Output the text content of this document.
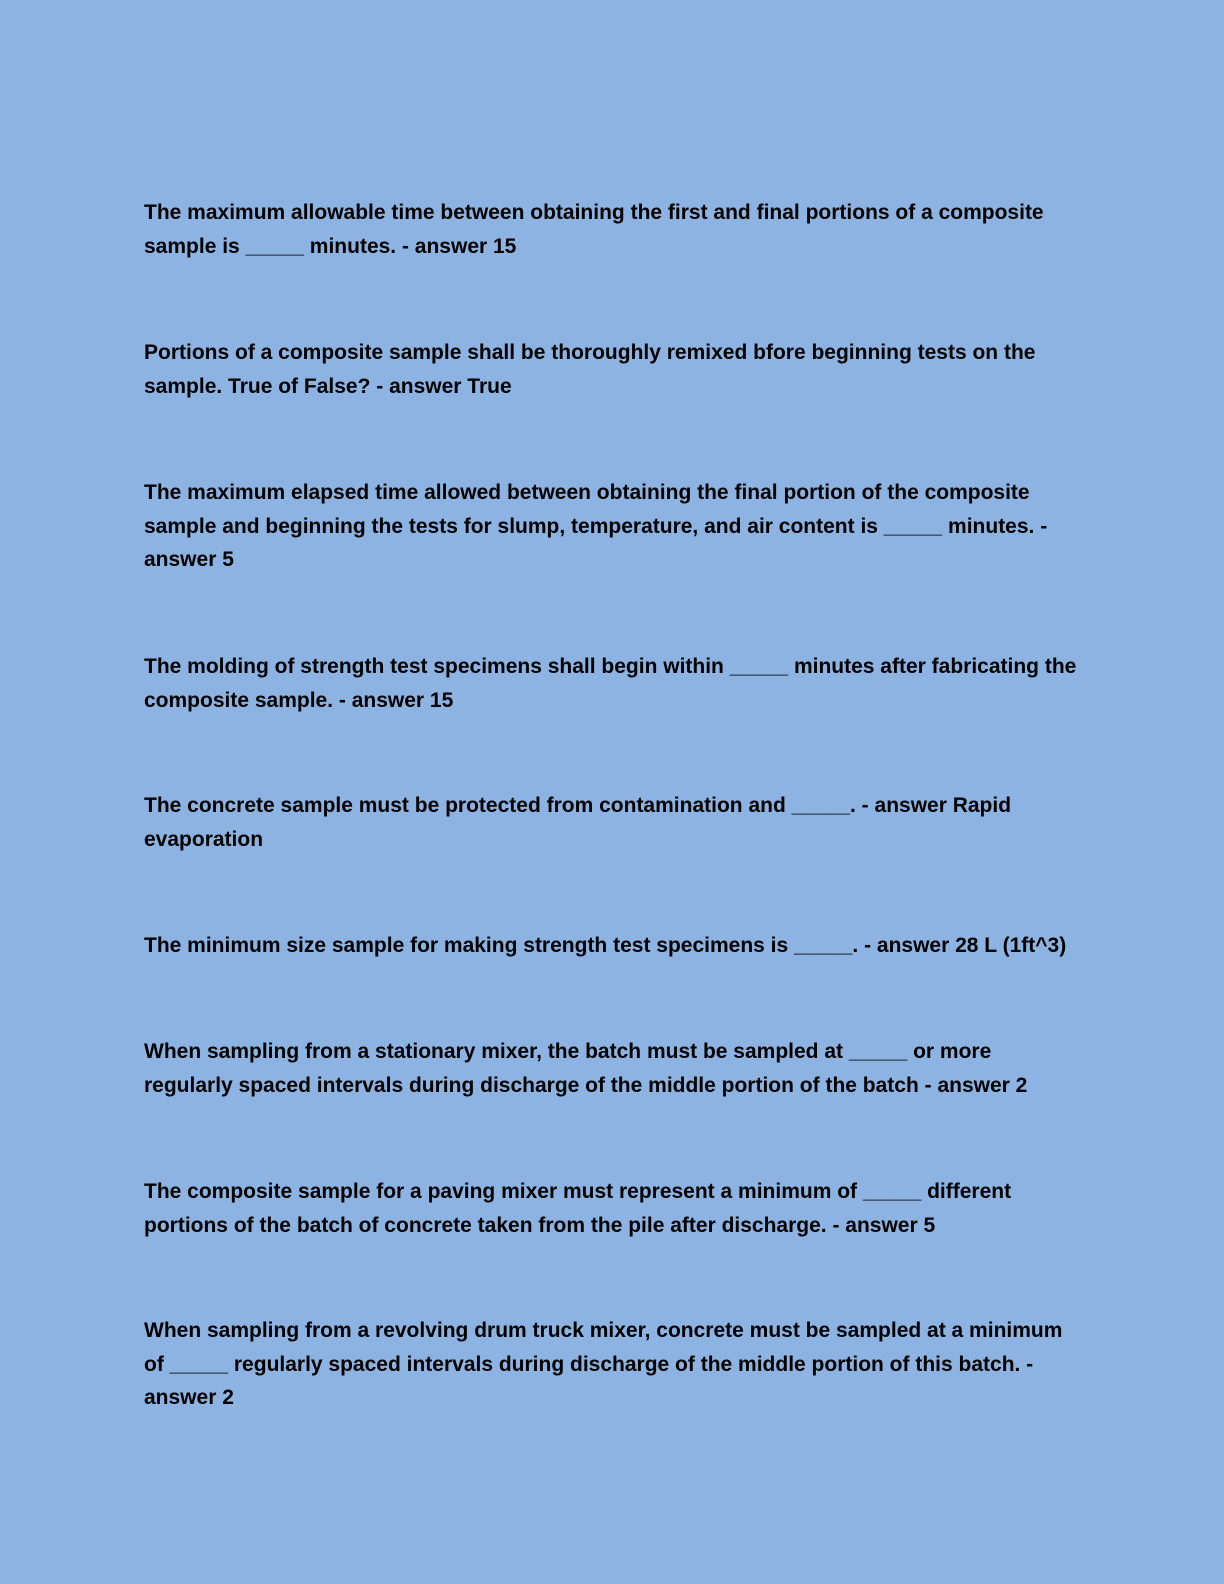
The maximum allowable time between obtaining the first and final portions of a composite sample is _____ minutes. - answer 15

Portions of a composite sample shall be thoroughly remixed bfore beginning tests on the sample. True of False? - answer True

The maximum elapsed time allowed between obtaining the final portion of the composite sample and beginning the tests for slump, temperature, and air content is _____ minutes. - answer 5

The molding of strength test specimens shall begin within _____ minutes after fabricating the composite sample. - answer 15

The concrete sample must be protected from contamination and _____. - answer Rapid evaporation

The minimum size sample for making strength test specimens is _____. - answer 28 L (1ft^3)

When sampling from a stationary mixer, the batch must be sampled at _____ or more regularly spaced intervals during discharge of the middle portion of the batch - answer 2

The composite sample for a paving mixer must represent a minimum of _____ different portions of the batch of concrete taken from the pile after discharge. - answer 5

When sampling from a revolving drum truck mixer, concrete must be sampled at a minimum of _____ regularly spaced intervals during discharge of the middle portion of this batch. - answer 2
